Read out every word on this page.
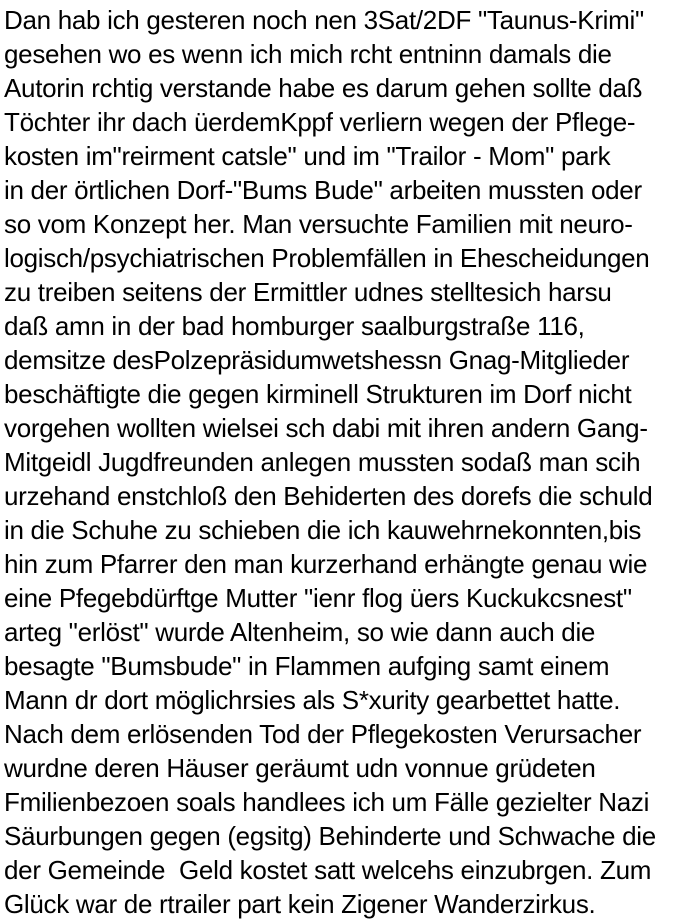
Dan hab ich gesteren noch nen 3Sat/2DF "Taunus-Krimi"
gesehen wo es wenn ich mich rcht entninn damals die
Autorin rchtig verstande habe es darum gehen sollte daß
Töchter ihr dach üerdemKppf verliern wegen der Pflege-
kosten im"reirment catsle" und im "Trailor - Mom" park
in der örtlichen Dorf-"Bums Bude" arbeiten mussten oder
so vom Konzept her. Man versuchte Familien mit neuro-
logisch/psychiatrischen Problemfällen in Ehescheidungen
zu treiben seitens der Ermittler udnes stelltesich harsu
daß amn in der bad homburger saalburgstraße 116,
demsitze desPolzepräsidumwetshessn Gnag-Mitglieder
beschäftigte die gegen kirminell Strukturen im Dorf nicht
vorgehen wollten wielsei sch dabi mit ihren andern Gang-
Mitgeidl Jugdfreunden anlegen mussten sodaß man scih
urzehand enstchloß den Behiderten des dorefs die schuld
in die Schuhe zu schieben die ich kauwehrnekonnten,bis
hin zum Pfarrer den man kurzerhand erhängte genau wie
eine Pfegebdürftge Mutter "ienr flog üers Kuckukcsnest"
arteg "erlöst" wurde Altenheim, so wie dann auch die
besagte "Bumsbude" in Flammen aufging samt einem
Mann dr dort möglichrsies als S*xurity gearbettet hatte.
Nach dem erlösenden Tod der Pflegekosten Verursacher
wurdne deren Häuser geräumt udn vonnue grüdeten
Fmilienbezoen soals handlees ich um Fälle gezielter Nazi
Säurbungen gegen (egsitg) Behinderte und Schwache die
der Gemeinde  Geld kostet satt welcehs einzubrgen. Zum
Glück war de rtrailer part kein Zigener Wanderzirkus.
